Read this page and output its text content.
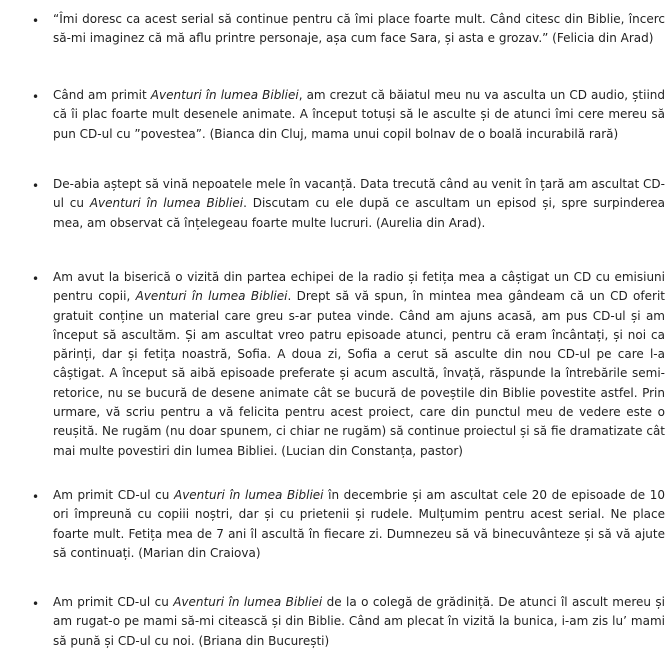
• “Îmi doresc ca acest serial să continue pentru că îmi place foarte mult. Când citesc din Biblie, încerc să-mi imaginez că mă aflu printre personaje, așa cum face Sara, și asta e grozav.” (Felicia din Arad)
• Când am primit Aventuri în lumea Bibliei, am crezut că băiatul meu nu va asculta un CD audio, știind că îi plac foarte mult desenele animate. A început totuși să le asculte și de atunci îmi cere mereu să pun CD-ul cu ”povestea”. (Bianca din Cluj, mama unui copil bolnav de o boală incurabilă rară)
• De-abia aștept să vină nepoatele mele în vacanță. Data trecută când au venit în țară am ascultat CD-ul cu Aventuri în lumea Bibliei. Discutam cu ele după ce ascultam un episod și, spre surpinderea mea, am observat că înțelegeau foarte multe lucruri. (Aurelia din Arad).
• Am avut la biserică o vizită din partea echipei de la radio și fetița mea a câștigat un CD cu emisiuni pentru copii, Aventuri în lumea Bibliei. Drept să vă spun, în mintea mea gândeam că un CD oferit gratuit conține un material care greu s-ar putea vinde. Când am ajuns acasă, am pus CD-ul și am început să ascultăm. Și am ascultat vreo patru episoade atunci, pentru că eram încântați, și noi ca părinți, dar și fetița noastră, Sofia. A doua zi, Sofia a cerut să asculte din nou CD-ul pe care l-a câștigat. A început să aibă episoade preferate și acum ascultă, învață, răspunde la întrebările semi-retorice, nu se bucură de desene animate cât se bucură de poveștile din Biblie povestite astfel. Prin urmare, vă scriu pentru a vă felicita pentru acest proiect, care din punctul meu de vedere este o reușită. Ne rugăm (nu doar spunem, ci chiar ne rugăm) să continue proiectul și să fie dramatizate cât mai multe povestiri din lumea Bibliei. (Lucian din Constanța, pastor)
• Am primit CD-ul cu Aventuri în lumea Bibliei în decembrie și am ascultat cele 20 de episoade de 10 ori împreună cu copiii noștri, dar și cu prietenii și rudele. Mulțumim pentru acest serial. Ne place foarte mult. Fetița mea de 7 ani îl ascultă în fiecare zi. Dumnezeu să vă binecuvânteze și să vă ajute să continuați. (Marian din Craiova)
• Am primit CD-ul cu Aventuri în lumea Bibliei de la o colegă de grădiniță. De atunci îl ascult mereu și am rugat-o pe mami să-mi citească și din Biblie. Când am plecat în vizită la bunica, i-am zis lu’ mami să pună și CD-ul cu noi. (Briana din București)
